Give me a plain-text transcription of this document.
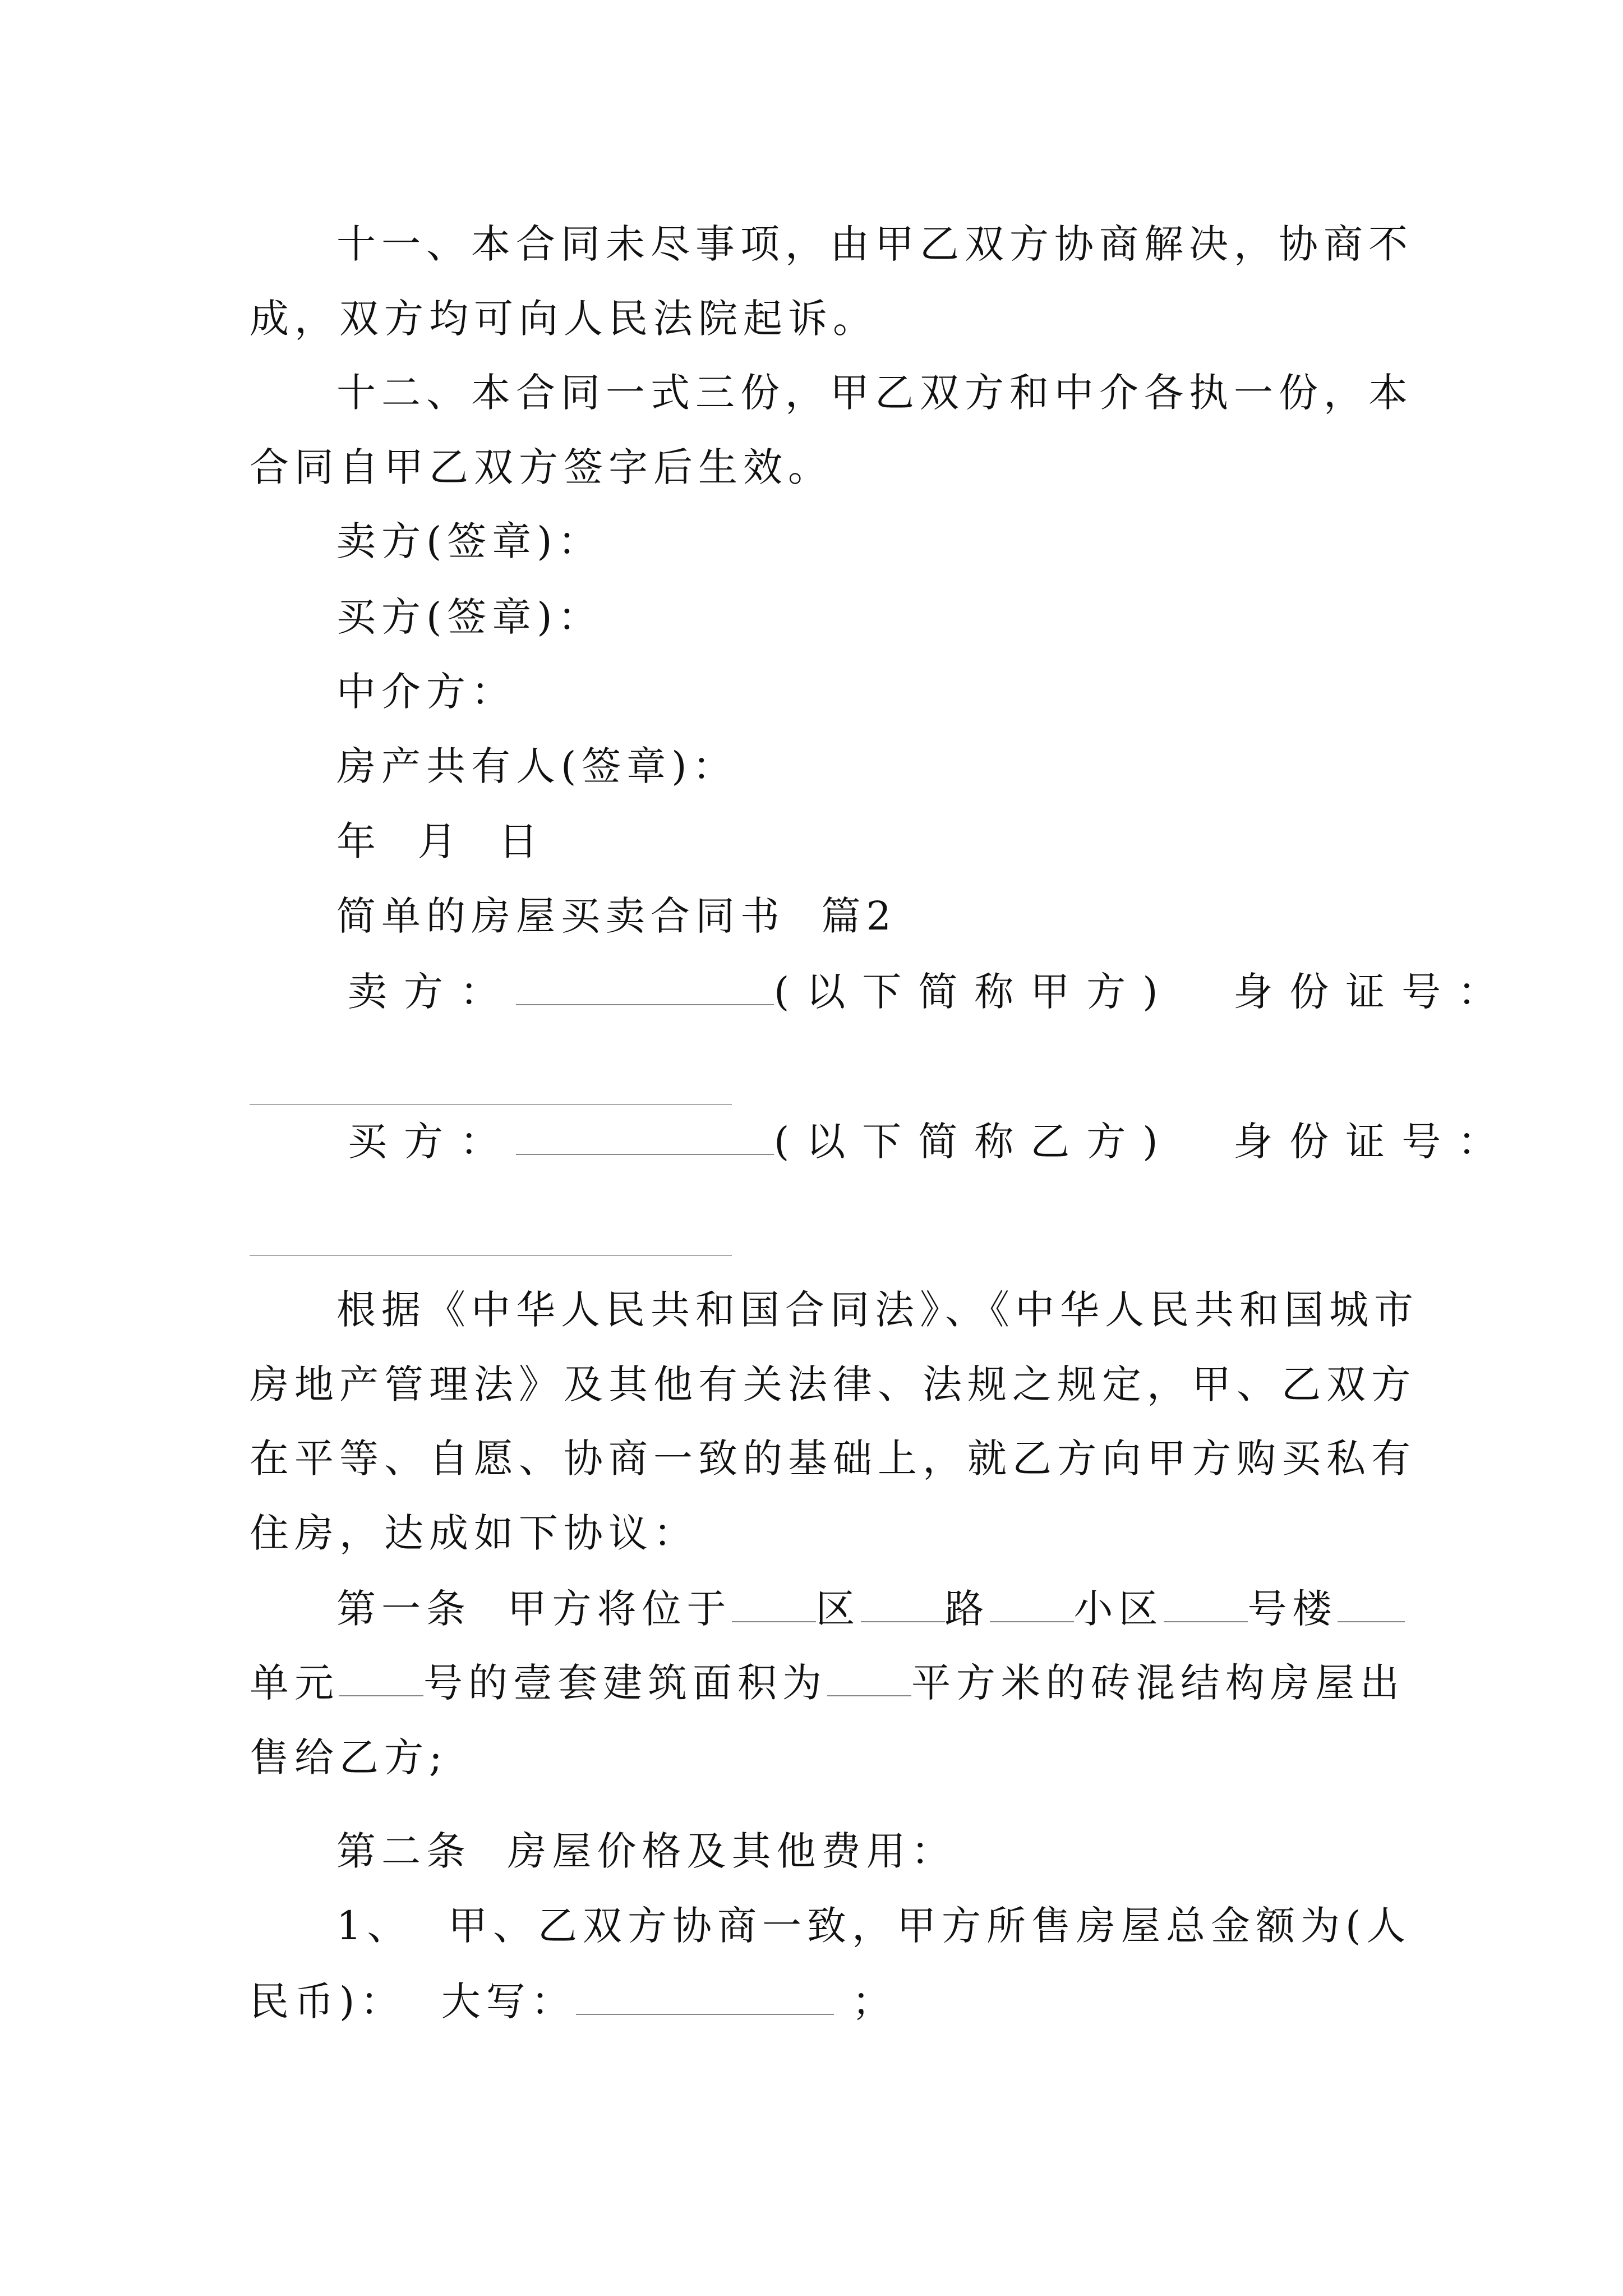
十一、本合同未尽事项，由甲乙双方协商解决，协商不
成，双方均可向人民法院起诉。
十二、本合同一式三份，甲乙双方和中介各执一份，本
合同自甲乙双方签字后生效。
卖方(签章)：
买方(签章)：
中介方：
房产共有人(签章)：
年  月  日
简单的房屋买卖合同书  篇2
卖方：	(以下简称甲方)  身份证号：
买方：	(以下简称乙方)  身份证号：
根据《中华人民共和国合同法》、《中华人民共和国城市
房地产管理法》及其他有关法律、法规之规定，甲、乙双方
在平等、自愿、协商一致的基础上，就乙方向甲方购买私有
住房，达成如下协议：
第一条  甲方将位于 区 路 小区 号楼
单元 号的壹套建筑面积为 平方米的砖混结构房屋出
售给乙方;
第二条  房屋价格及其他费用：
1、  甲、乙双方协商一致，甲方所售房屋总金额为(人
民币)：  大写：	；
